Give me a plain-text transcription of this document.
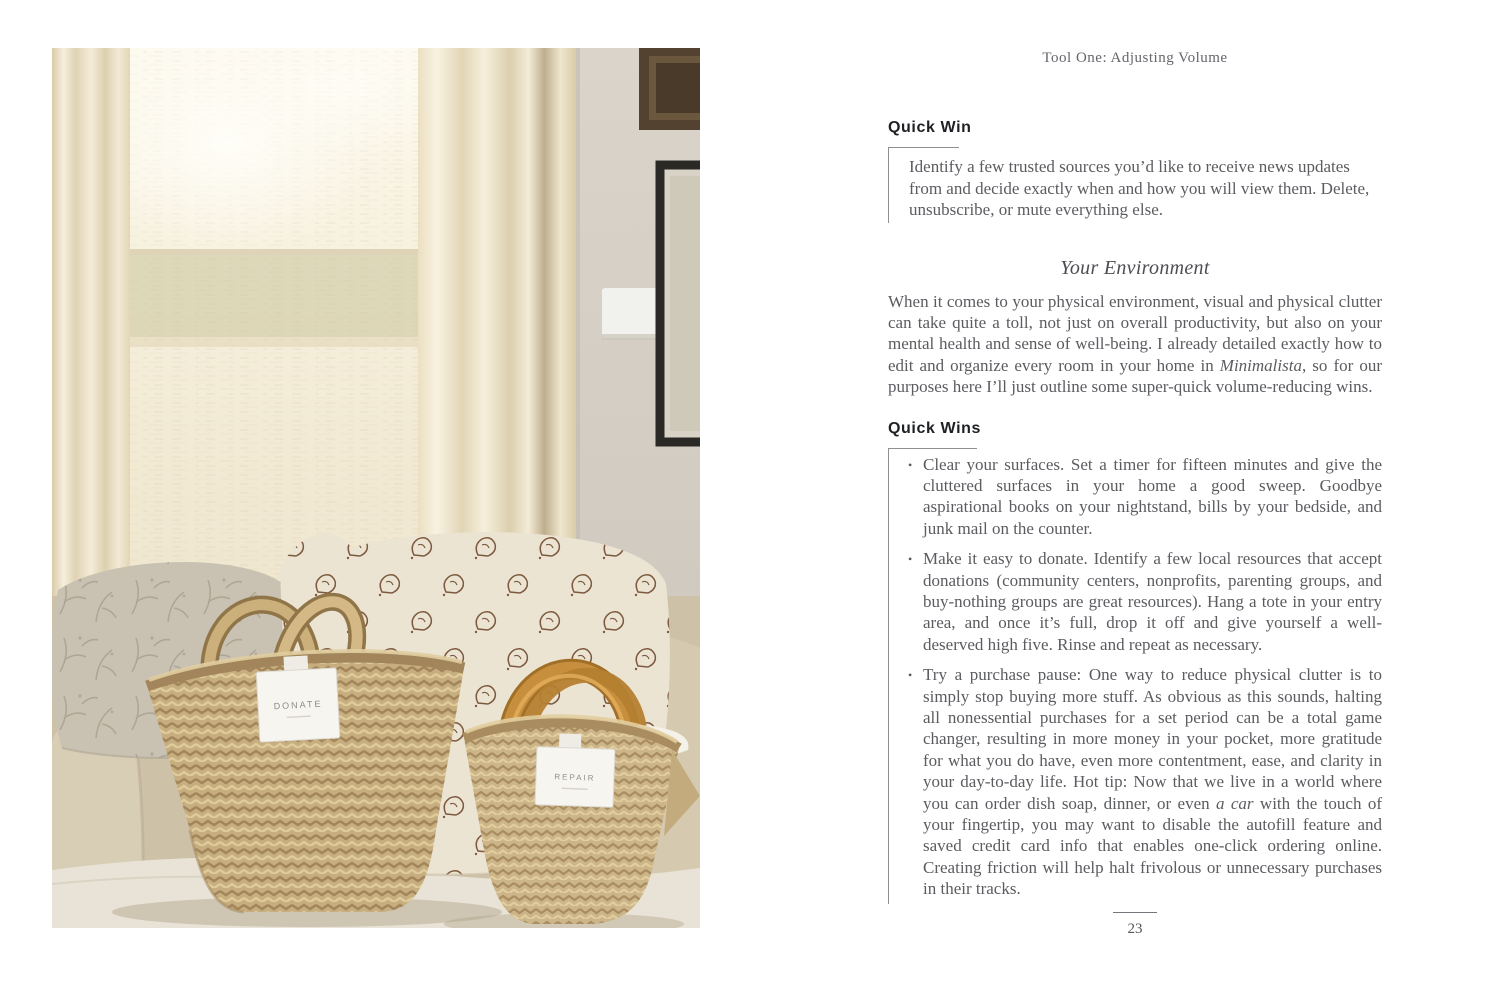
DONATE
REPAIR
Tool One: Adjusting Volume
Quick Win

Identify a few trusted sources you’d like to receive news updates from and decide exactly when and how you will view them. Delete, unsubscribe, or mute everything else.

Your Environment

When it comes to your physical environment, visual and physical clutter can take quite a toll, not just on overall productivity, but also on your mental health and sense of well-being. I already detailed exactly how to edit and organize every room in your home in Minimalista, so for our purposes here I’ll just outline some super-quick volume-reducing wins.

Quick Wins
• Clear your surfaces. Set a timer for fifteen minutes and give the cluttered surfaces in your home a good sweep. Goodbye aspirational books on your nightstand, bills by your bedside, and junk mail on the counter.
• Make it easy to donate. Identify a few local resources that accept donations (community centers, nonprofits, parenting groups, and buy-nothing groups are great resources). Hang a tote in your entry area, and once it’s full, drop it off and give yourself a well-deserved high five. Rinse and repeat as necessary.
• Try a purchase pause: One way to reduce physical clutter is to simply stop buying more stuff. As obvious as this sounds, halting all nonessential purchases for a set period can be a total game changer, resulting in more money in your pocket, more gratitude for what you do have, even more contentment, ease, and clarity in your day-to-day life. Hot tip: Now that we live in a world where you can order dish soap, dinner, or even a car with the touch of your fingertip, you may want to disable the autofill feature and saved credit card info that enables one-click ordering online. Creating friction will help halt frivolous or unnecessary purchases in their tracks.
23
